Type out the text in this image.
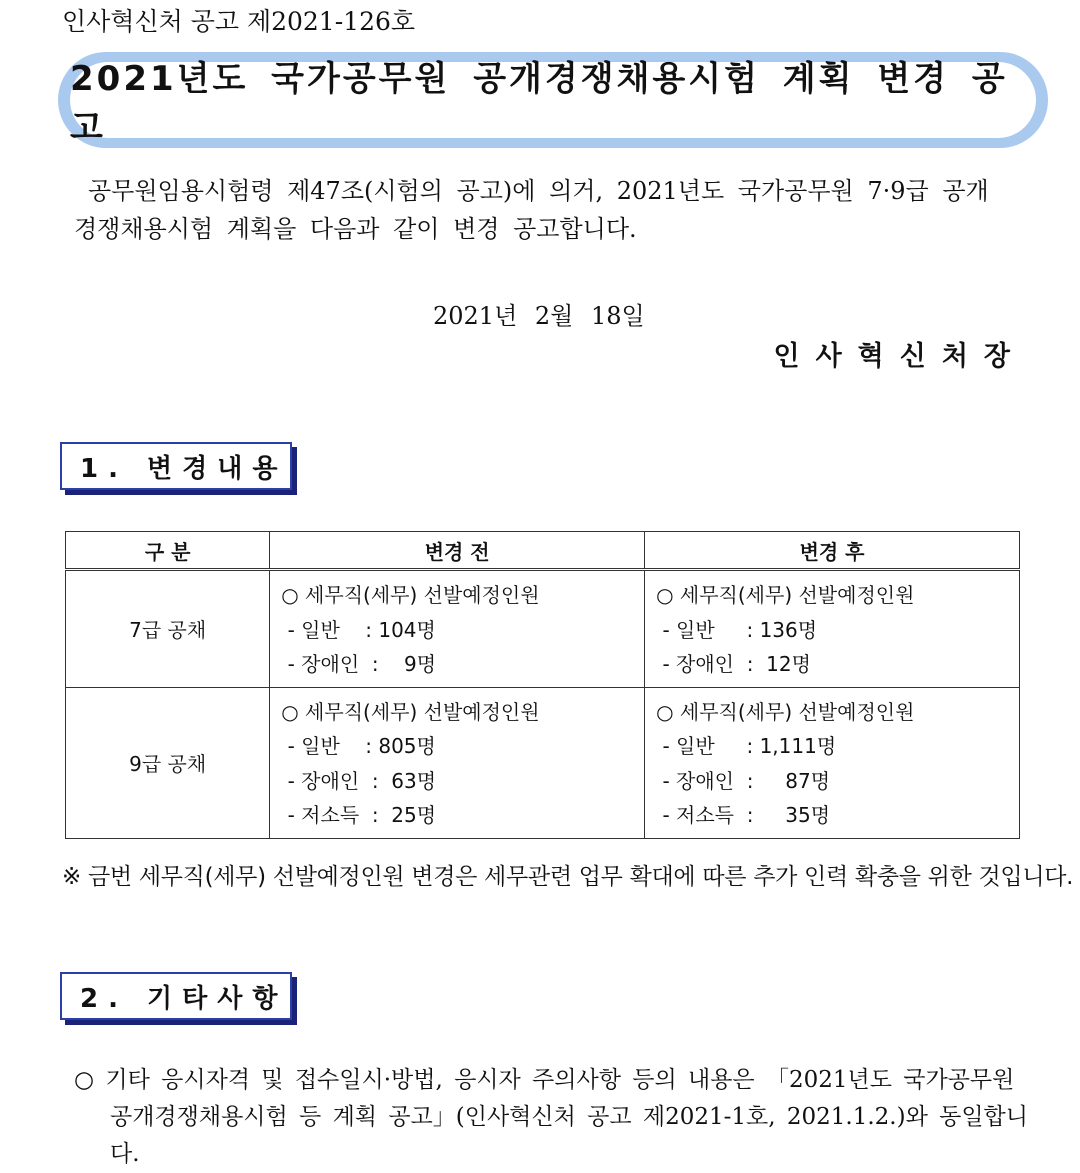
인사혁신처 공고 제2021-126호
2021년도 국가공무원 공개경쟁채용시험 계획 변경 공고
공무원임용시험령 제47조(시험의 공고)에 의거, 2021년도 국가공무원 7·9급 공개
경쟁채용시험 계획을 다음과 같이 변경 공고합니다.
2021년 2월 18일
인사혁신처장
1. 변경내용
구 분	변경 전	변경 후
7급 공채	○ 세무직(세무) 선발예정인원
- 일반    : 104명
- 장애인  :    9명	○ 세무직(세무) 선발예정인원
- 일반     : 136명
- 장애인  :  12명

9급 공채	○ 세무직(세무) 선발예정인원
- 일반    : 805명
- 장애인  :  63명
- 저소득  :  25명	○ 세무직(세무) 선발예정인원
- 일반     : 1,111명
- 장애인  :     87명
- 저소득  :     35명
※ 금번 세무직(세무) 선발예정인원 변경은 세무관련 업무 확대에 따른 추가 인력 확충을 위한 것입니다.
2. 기타사항
○ 기타 응시자격 및 접수일시·방법, 응시자 주의사항 등의 내용은 「2021년도 국가공무원
공개경쟁채용시험 등 계획 공고」(인사혁신처 공고 제2021-1호, 2021.1.2.)와 동일합니다.
